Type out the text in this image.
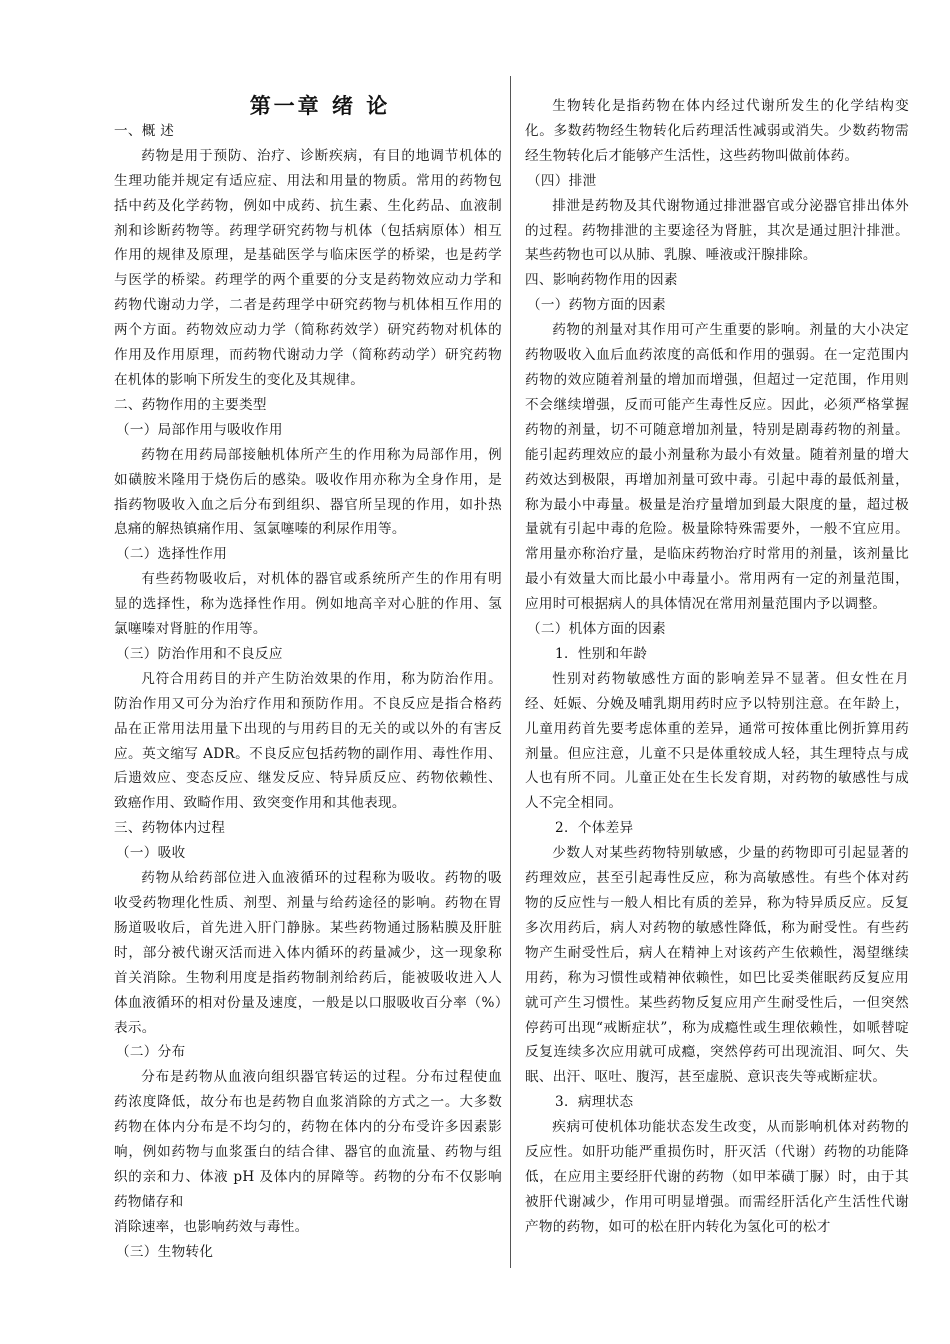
第一章 绪 论
一、概 述
药物是用于预防、治疗、诊断疾病，有目的地调节机体的生理功能并规定有适应症、用法和用量的物质。常用的药物包括中药及化学药物，例如中成药、抗生素、生化药品、血液制剂和诊断药物等。药理学研究药物与机体（包括病原体）相互作用的规律及原理，是基础医学与临床医学的桥梁，也是药学与医学的桥梁。药理学的两个重要的分支是药物效应动力学和药物代谢动力学，二者是药理学中研究药物与机体相互作用的两个方面。药物效应动力学（简称药效学）研究药物对机体的作用及作用原理，而药物代谢动力学（简称药动学）研究药物在机体的影响下所发生的变化及其规律。
二、药物作用的主要类型
（一）局部作用与吸收作用
药物在用药局部接触机体所产生的作用称为局部作用，例如磺胺米隆用于烧伤后的感染。吸收作用亦称为全身作用，是指药物吸收入血之后分布到组织、器官所呈现的作用，如扑热息痛的解热镇痛作用、氢氯噻嗪的利尿作用等。
（二）选择性作用
有些药物吸收后，对机体的器官或系统所产生的作用有明显的选择性，称为选择性作用。例如地高辛对心脏的作用、氢氯噻嗪对肾脏的作用等。
（三）防治作用和不良反应
凡符合用药目的并产生防治效果的作用，称为防治作用。防治作用又可分为治疗作用和预防作用。不良反应是指合格药品在正常用法用量下出现的与用药目的无关的或以外的有害反应。英文缩写 ADR。不良反应包括药物的副作用、毒性作用、后遗效应、变态反应、继发反应、特异质反应、药物依赖性、致癌作用、致畸作用、致突变作用和其他表现。
三、药物体内过程
（一）吸收
药物从给药部位进入血液循环的过程称为吸收。药物的吸收受药物理化性质、剂型、剂量与给药途径的影响。药物在胃肠道吸收后，首先进入肝门静脉。某些药物通过肠粘膜及肝脏时，部分被代谢灭活而进入体内循环的药量减少，这一现象称首关消除。生物利用度是指药物制剂给药后，能被吸收进入人体血液循环的相对份量及速度，一般是以口服吸收百分率（%）表示。
（二）分布
分布是药物从血液向组织器官转运的过程。分布过程使血药浓度降低，故分布也是药物自血浆消除的方式之一。大多数药物在体内分布是不均匀的，药物在体内的分布受许多因素影响，例如药物与血浆蛋白的结合律、器官的血流量、药物与组织的亲和力、体液 pH 及体内的屏障等。药物的分布不仅影响药物储存和
消除速率，也影响药效与毒性。
（三）生物转化
生物转化是指药物在体内经过代谢所发生的化学结构变化。多数药物经生物转化后药理活性减弱或消失。少数药物需经生物转化后才能够产生活性，这些药物叫做前体药。
（四）排泄
排泄是药物及其代谢物通过排泄器官或分泌器官排出体外的过程。药物排泄的主要途径为肾脏，其次是通过胆汁排泄。某些药物也可以从肺、乳腺、唾液或汗腺排除。
四、影响药物作用的因素
（一）药物方面的因素
药物的剂量对其作用可产生重要的影响。剂量的大小决定药物吸收入血后血药浓度的高低和作用的强弱。在一定范围内药物的效应随着剂量的增加而增强，但超过一定范围，作用则不会继续增强，反而可能产生毒性反应。因此，必须严格掌握药物的剂量，切不可随意增加剂量，特别是剧毒药物的剂量。能引起药理效应的最小剂量称为最小有效量。随着剂量的增大药效达到极限，再增加剂量可致中毒。引起中毒的最低剂量，称为最小中毒量。极量是治疗量增加到最大限度的量，超过极量就有引起中毒的危险。极量除特殊需要外，一般不宜应用。常用量亦称治疗量，是临床药物治疗时常用的剂量，该剂量比最小有效量大而比最小中毒量小。常用两有一定的剂量范围，应用时可根据病人的具体情况在常用剂量范围内予以调整。
（二）机体方面的因素
1．性别和年龄
性别对药物敏感性方面的影响差异不显著。但女性在月经、妊娠、分娩及哺乳期用药时应予以特别注意。在年龄上，儿童用药首先要考虑体重的差异，通常可按体重比例折算用药剂量。但应注意，儿童不只是体重较成人轻，其生理特点与成人也有所不同。儿童正处在生长发育期，对药物的敏感性与成人不完全相同。
2．个体差异
少数人对某些药物特别敏感，少量的药物即可引起显著的药理效应，甚至引起毒性反应，称为高敏感性。有些个体对药物的反应性与一般人相比有质的差异，称为特异质反应。反复多次用药后，病人对药物的敏感性降低，称为耐受性。有些药物产生耐受性后，病人在精神上对该药产生依赖性，渴望继续用药，称为习惯性或精神依赖性，如巴比妥类催眠药反复应用就可产生习惯性。某些药物反复应用产生耐受性后，一但突然停药可出现“戒断症状”，称为成瘾性或生理依赖性，如哌替啶反复连续多次应用就可成瘾，突然停药可出现流泪、呵欠、失眠、出汗、呕吐、腹泻，甚至虚脱、意识丧失等戒断症状。
3．病理状态
疾病可使机体功能状态发生改变，从而影响机体对药物的反应性。如肝功能严重损伤时，肝灭活（代谢）药物的功能降低，在应用主要经肝代谢的药物（如甲苯磺丁脲）时，由于其被肝代谢减少，作用可明显增强。而需经肝活化产生活性代谢产物的药物，如可的松在肝内转化为氢化可的松才
